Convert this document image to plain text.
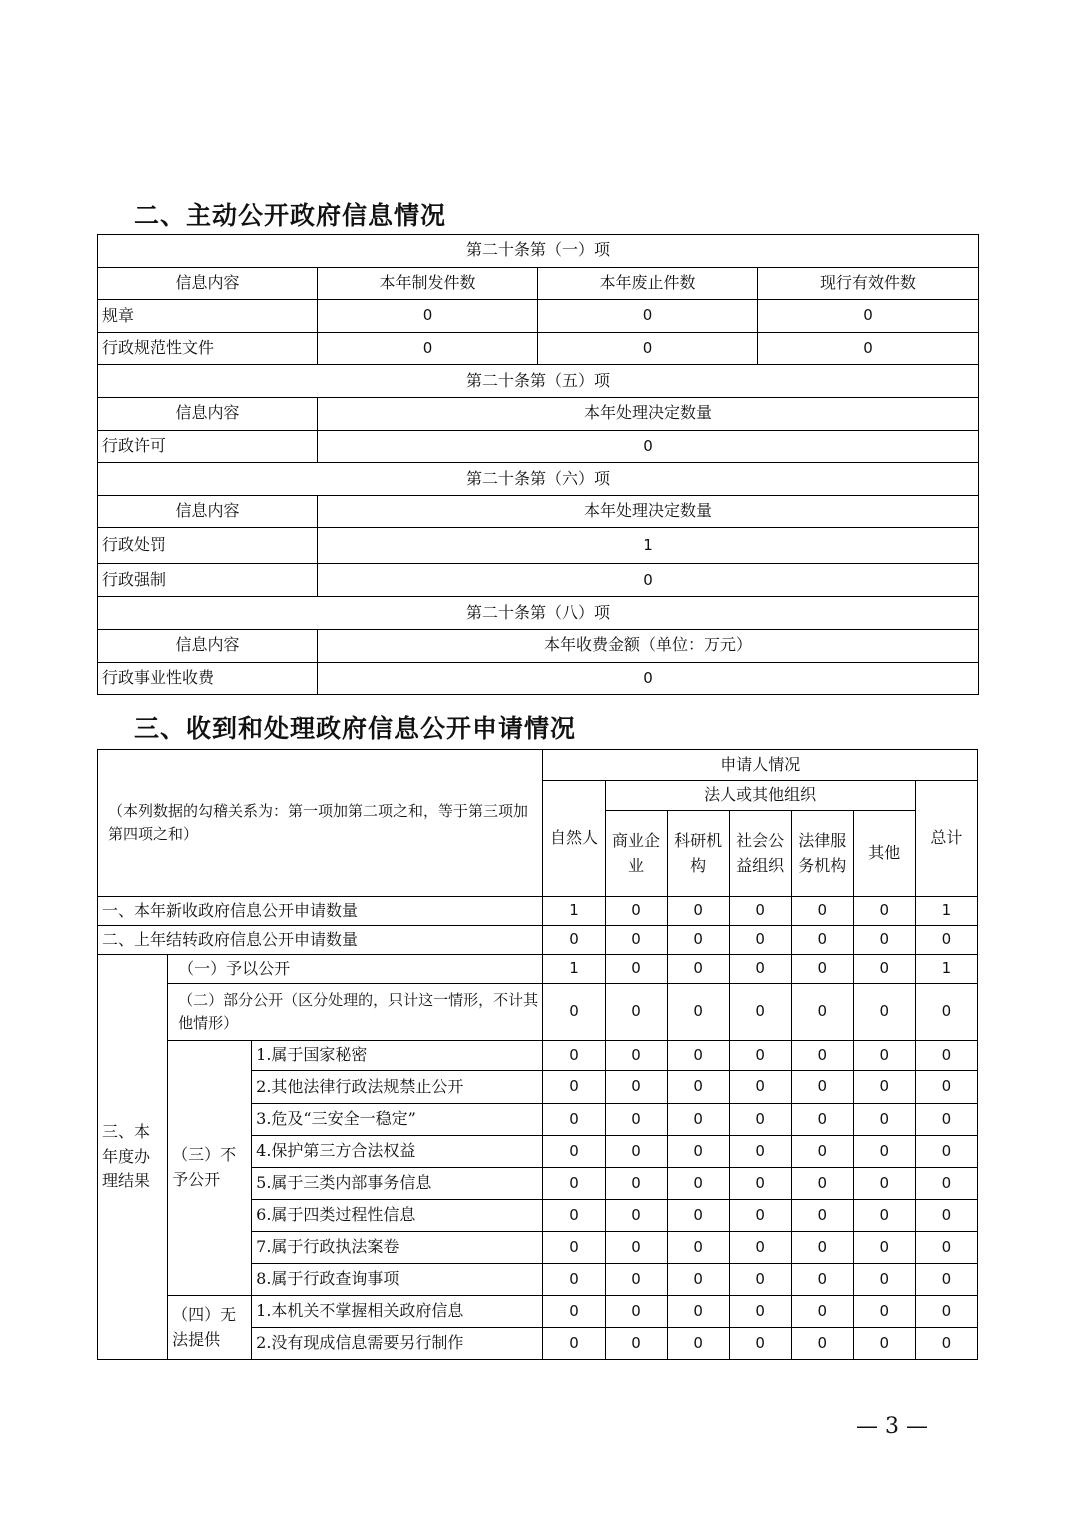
二、主动公开政府信息情况
第二十条第（一）项			
信息内容	本年制发件数	本年废止件数	现行有效件数
规章	0	0	0
行政规范性文件	0	0	0
第二十条第（五）项			
信息内容	本年处理决定数量		
行政许可	0		
第二十条第（六）项			
信息内容	本年处理决定数量		
行政处罚	1		
行政强制	0		
第二十条第（八）项			
信息内容	本年收费金额（单位：万元）		
行政事业性收费	0		
三、收到和处理政府信息公开申请情况
（本列数据的勾稽关系为：第一项加第二项之和，等于第三项加第四项之和）			申请人情况						
			自然人	法人或其他组织					总计
				商业企业	科研机构	社会公益组织	法律服务机构	其他	
一、本年新收政府信息公开申请数量			1	0	0	0	0	0	1
二、上年结转政府信息公开申请数量			0	0	0	0	0	0	0
三、本年度办理结果	（一）予以公开		1	0	0	0	0	0	1
	（二）部分公开（区分处理的，只计这一情形，不计其他情形）		0	0	0	0	0	0	0
	（三）不予公开	1.属于国家秘密	0	0	0	0	0	0	0
		2.其他法律行政法规禁止公开	0	0	0	0	0	0	0
		3.危及“三安全一稳定”	0	0	0	0	0	0	0
		4.保护第三方合法权益	0	0	0	0	0	0	0
		5.属于三类内部事务信息	0	0	0	0	0	0	0
		6.属于四类过程性信息	0	0	0	0	0	0	0
		7.属于行政执法案卷	0	0	0	0	0	0	0
		8.属于行政查询事项	0	0	0	0	0	0	0
	（四）无法提供	1.本机关不掌握相关政府信息	0	0	0	0	0	0	0
		2.没有现成信息需要另行制作	0	0	0	0	0	0	0
— 3 —
